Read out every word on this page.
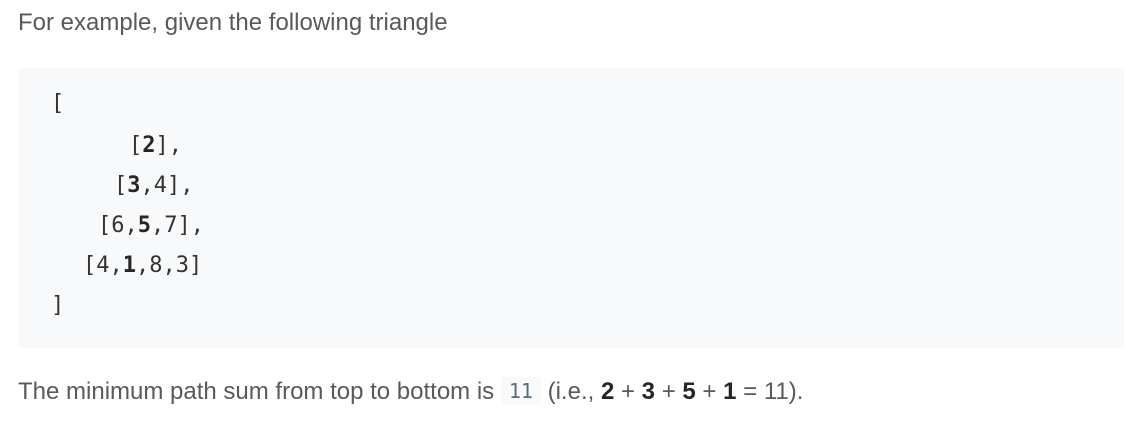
For example, given the following triangle

[
[2],
[3,4],
[6,5,7],
[4,1,8,3]
]

The minimum path sum from top to bottom is 11 (i.e., 2 + 3 + 5 + 1 = 11).
